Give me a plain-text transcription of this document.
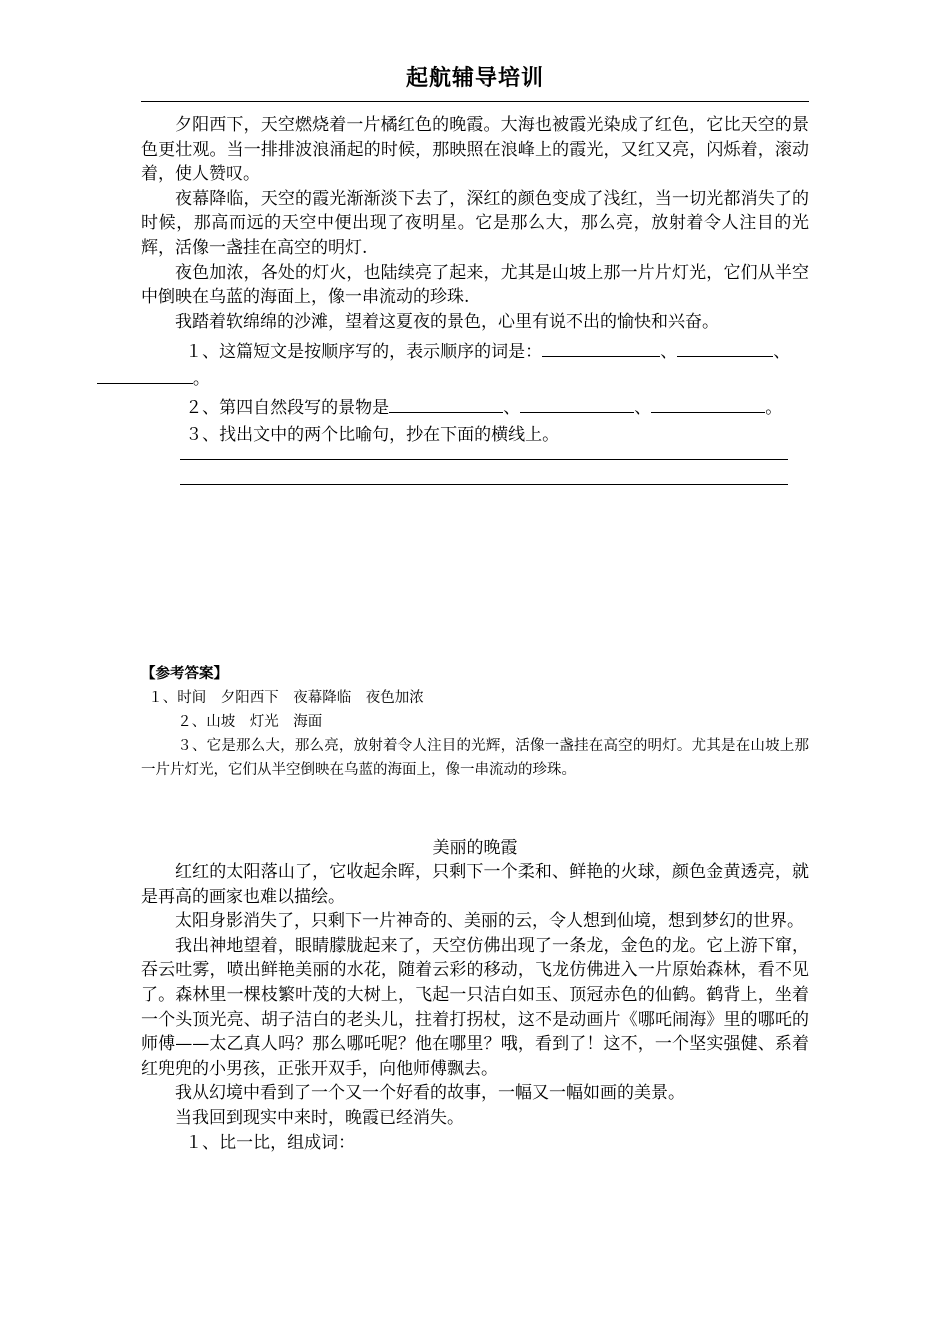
起航辅导培训

夕阳西下，天空燃烧着一片橘红色的晚霞。大海也被霞光染成了红色，它比天空的景色更壮观。当一排排波浪涌起的时候，那映照在浪峰上的霞光，又红又亮，闪烁着，滚动着，使人赞叹。

夜幕降临，天空的霞光渐渐淡下去了，深红的颜色变成了浅红，当一切光都消失了的时候，那高而远的天空中便出现了夜明星。它是那么大，那么亮，放射着令人注目的光辉，活像一盏挂在高空的明灯.

夜色加浓，各处的灯火，也陆续亮了起来，尤其是山坡上那一片片灯光，它们从半空中倒映在乌蓝的海面上，像一串流动的珍珠.

我踏着软绵绵的沙滩，望着这夏夜的景色，心里有说不出的愉快和兴奋。

１、这篇短文是按顺序写的，表示顺序的词是：	、	、
。

２、第四自然段写的景物是	、	、	。

３、找出文中的两个比喻句，抄在下面的横线上。

【参考答案】

１、时间　夕阳西下　夜幕降临　夜色加浓

２、山坡　灯光　海面

３、它是那么大，那么亮，放射着令人注目的光辉，活像一盏挂在高空的明灯。尤其是在山坡上那一片片灯光，它们从半空倒映在乌蓝的海面上，像一串流动的珍珠。

美丽的晚霞

红红的太阳落山了，它收起余晖，只剩下一个柔和、鲜艳的火球，颜色金黄透亮，就是再高的画家也难以描绘。

太阳身影消失了，只剩下一片神奇的、美丽的云，令人想到仙境，想到梦幻的世界。

我出神地望着，眼睛朦胧起来了，天空仿佛出现了一条龙，金色的龙。它上游下窜，吞云吐雾，喷出鲜艳美丽的水花，随着云彩的移动，飞龙仿佛进入一片原始森林，看不见了。森林里一棵枝繁叶茂的大树上，飞起一只洁白如玉、顶冠赤色的仙鹤。鹤背上，坐着一个头顶光亮、胡子洁白的老头儿，拄着打拐杖，这不是动画片《哪吒闹海》里的哪吒的师傅——太乙真人吗？那么哪吒呢？他在哪里？哦，看到了！这不，一个坚实强健、系着红兜兜的小男孩，正张开双手，向他师傅飘去。

我从幻境中看到了一个又一个好看的故事，一幅又一幅如画的美景。

当我回到现实中来时，晚霞已经消失。

１、比一比，组成词：
